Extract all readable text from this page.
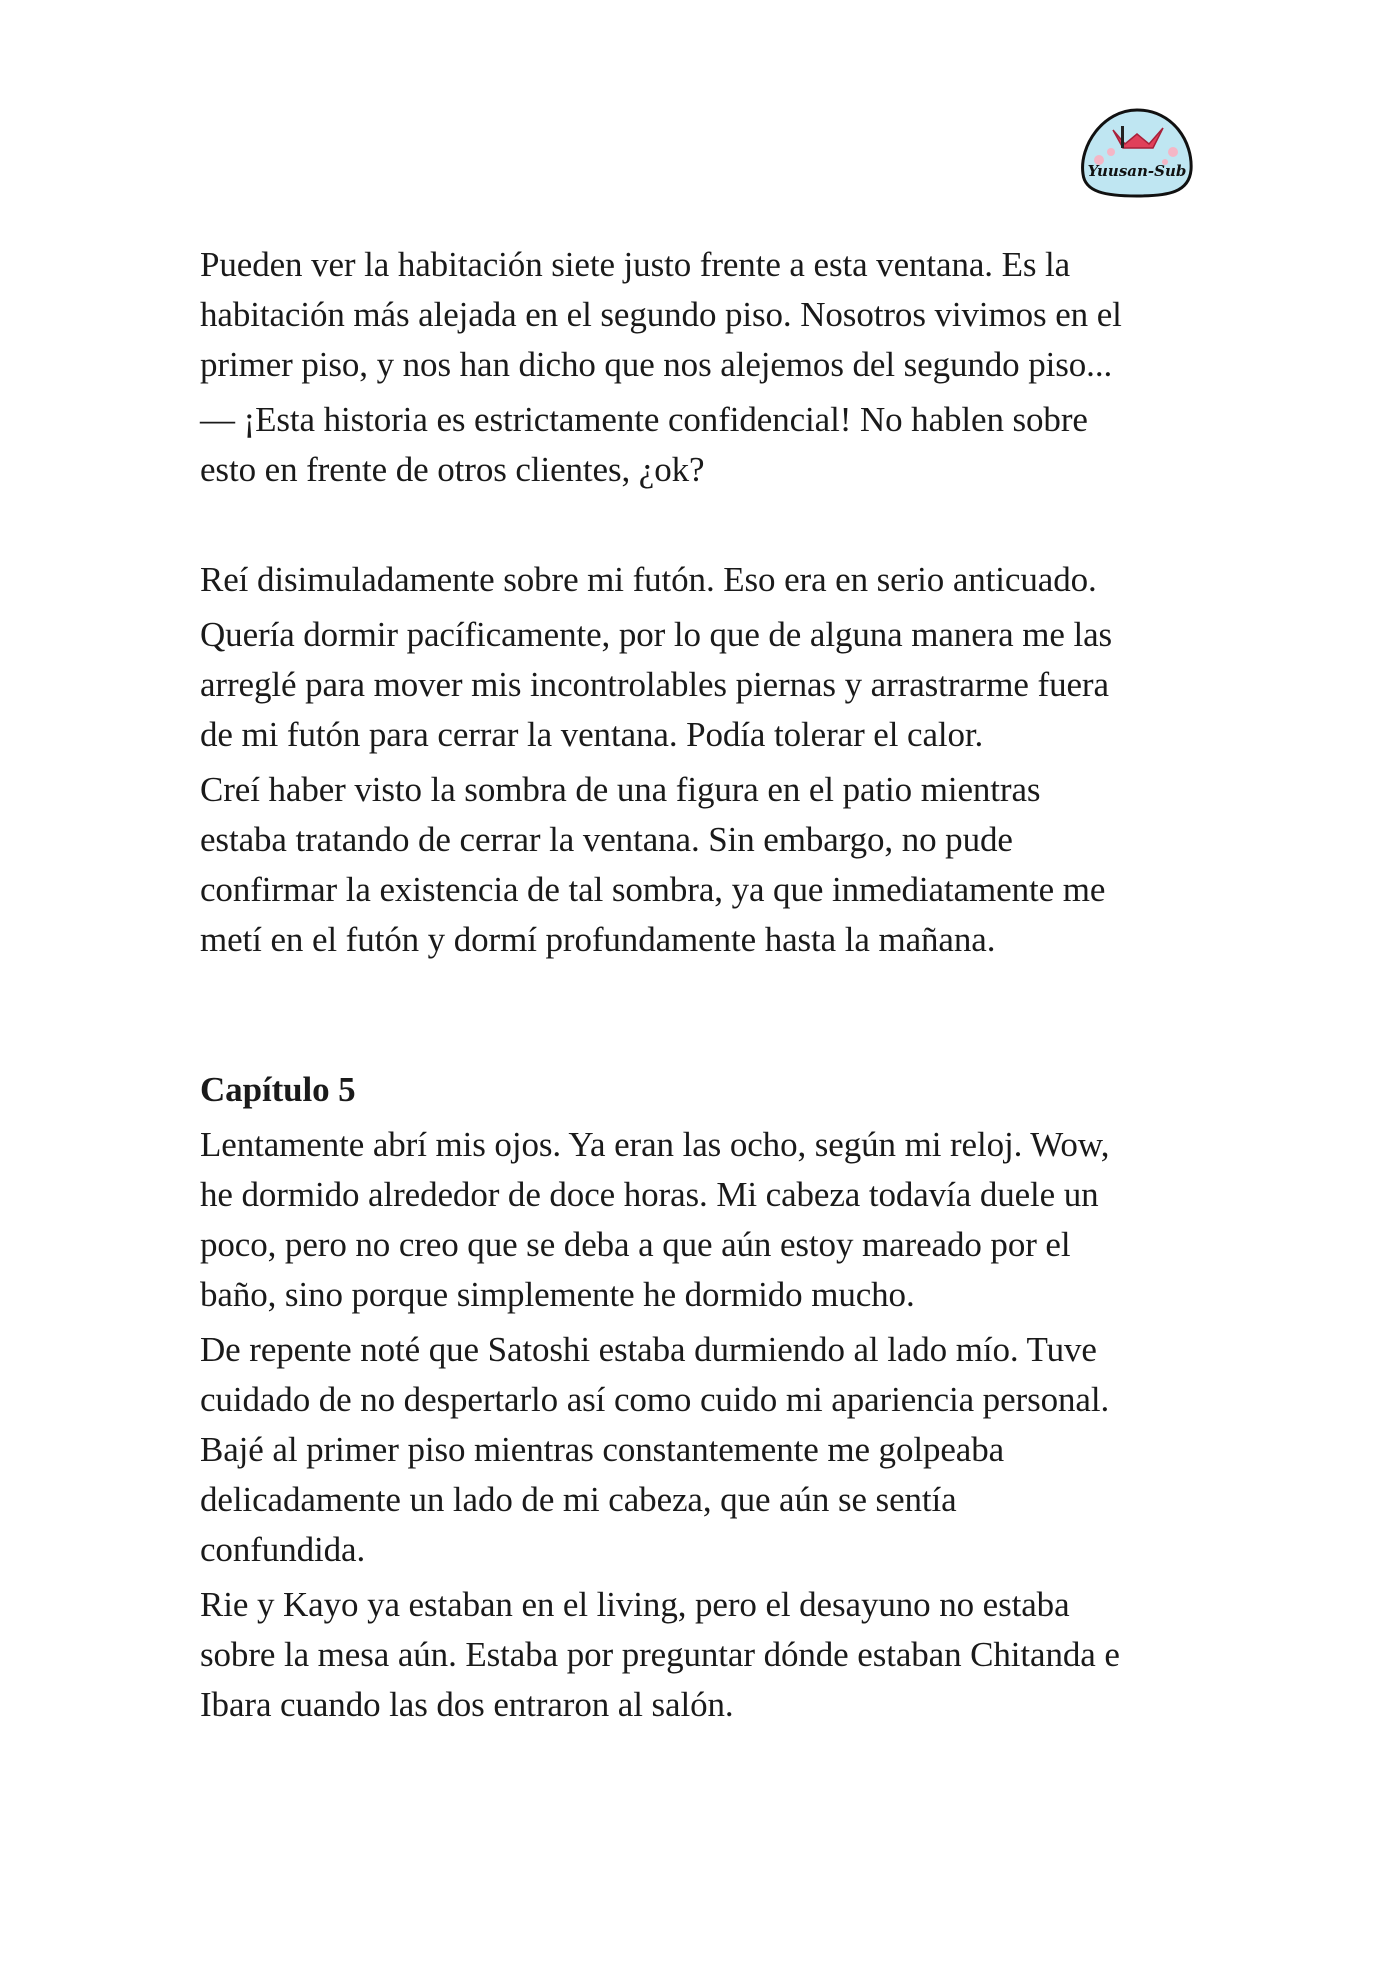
Yuusan-Sub
Pueden ver la habitación siete justo frente a esta ventana. Es la
habitación más alejada en el segundo piso. Nosotros vivimos en el
primer piso, y nos han dicho que nos alejemos del segundo piso...
— ¡Esta historia es estrictamente confidencial! No hablen sobre
esto en frente de otros clientes, ¿ok?
Reí disimuladamente sobre mi futón. Eso era en serio anticuado.
Quería dormir pacíficamente, por lo que de alguna manera me las
arreglé para mover mis incontrolables piernas y arrastrarme fuera
de mi futón para cerrar la ventana. Podía tolerar el calor.
Creí haber visto la sombra de una figura en el patio mientras
estaba tratando de cerrar la ventana. Sin embargo, no pude
confirmar la existencia de tal sombra, ya que inmediatamente me
metí en el futón y dormí profundamente hasta la mañana.
Capítulo 5
Lentamente abrí mis ojos. Ya eran las ocho, según mi reloj. Wow,
he dormido alrededor de doce horas. Mi cabeza todavía duele un
poco, pero no creo que se deba a que aún estoy mareado por el
baño, sino porque simplemente he dormido mucho.
De repente noté que Satoshi estaba durmiendo al lado mío. Tuve
cuidado de no despertarlo así como cuido mi apariencia personal.
Bajé al primer piso mientras constantemente me golpeaba
delicadamente un lado de mi cabeza, que aún se sentía
confundida.
Rie y Kayo ya estaban en el living, pero el desayuno no estaba
sobre la mesa aún. Estaba por preguntar dónde estaban Chitanda e
Ibara cuando las dos entraron al salón.
